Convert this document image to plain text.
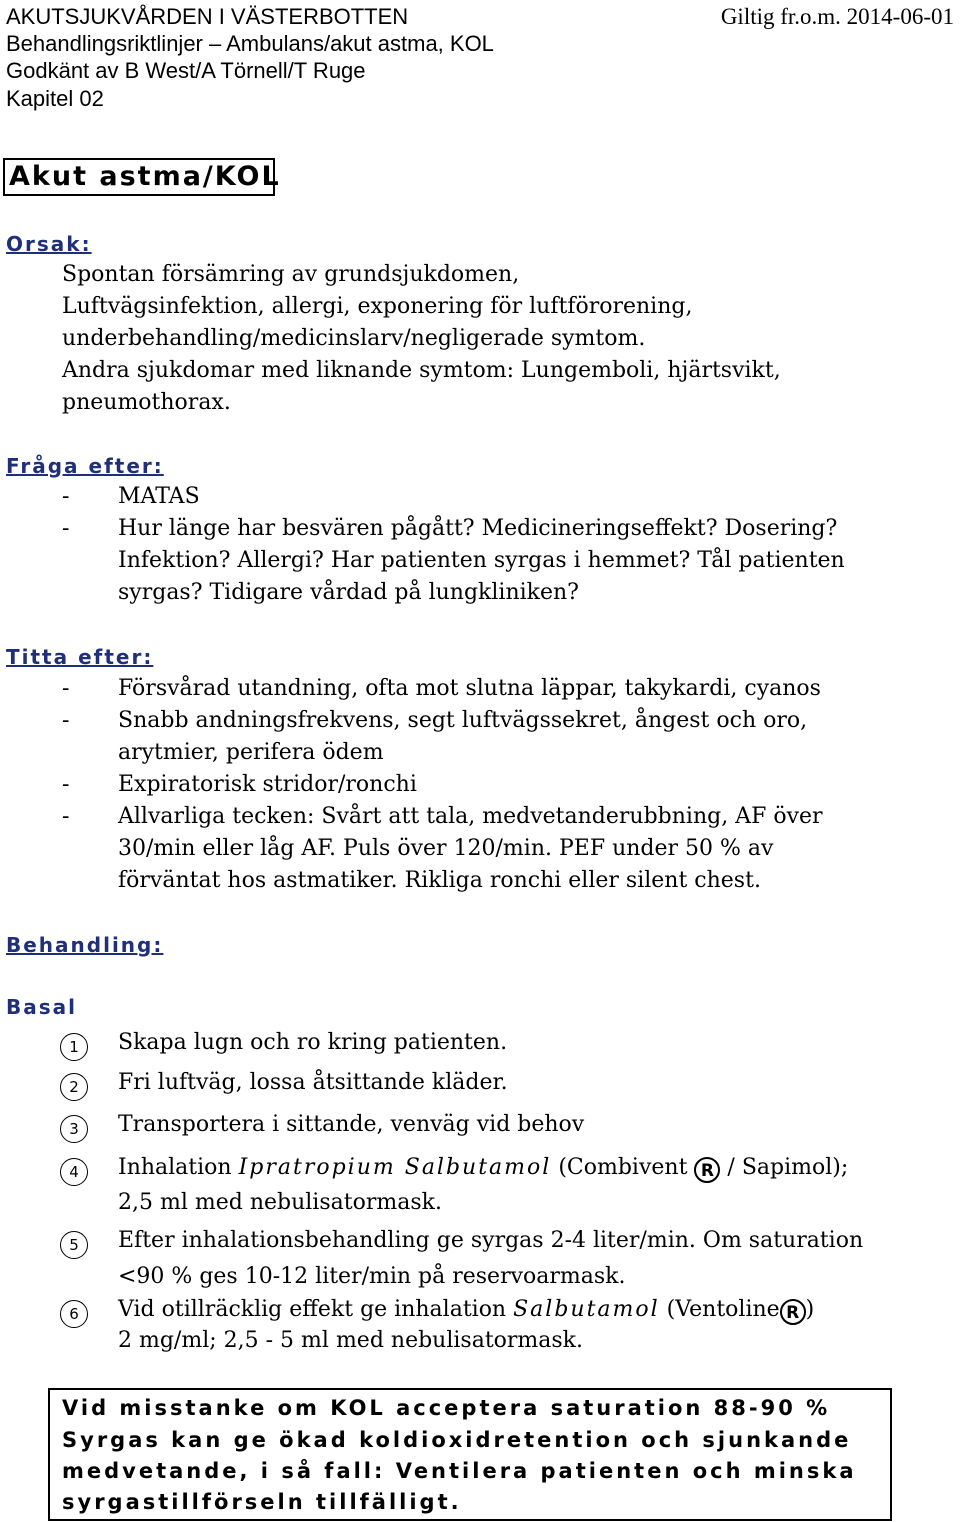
AKUTSJUKVÅRDEN I VÄSTERBOTTEN
Behandlingsriktlinjer – Ambulans/akut astma, KOL
Godkänt av B West/A Törnell/T Ruge
Kapitel 02
Giltig fr.o.m. 2014-06-01
Akut astma/KOL
Orsak:
Spontan försämring av grundsjukdomen,
Luftvägsinfektion, allergi, exponering för luftförorening,
underbehandling/medicinslarv/negligerade symtom.
Andra sjukdomar med liknande symtom: Lungemboli, hjärtsvikt,
pneumothorax.
Fråga efter:
- MATAS
- Hur länge har besvären pågått? Medicineringseffekt? Dosering?
Infektion? Allergi? Har patienten syrgas i hemmet? Tål patienten
syrgas? Tidigare vårdad på lungkliniken?
Titta efter:
- Försvårad utandning, ofta mot slutna läppar, takykardi, cyanos
- Snabb andningsfrekvens, segt luftvägssekret, ångest och oro,
arytmier, perifera ödem
- Expiratorisk stridor/ronchi
- Allvarliga tecken: Svårt att tala, medvetanderubbning, AF över
30/min eller låg AF. Puls över 120/min. PEF under 50 % av
förväntat hos astmatiker. Rikliga ronchi eller silent chest.
Behandling:
Basal
1	Skapa lugn och ro kring patienten.
2	Fri luftväg, lossa åtsittande kläder.
3	Transportera i sittande, venväg vid behov
4	Inhalation Ipratropium Salbutamol (Combivent R / Sapimol);
2,5 ml med nebulisatormask.
5	Efter inhalationsbehandling ge syrgas 2-4 liter/min. Om saturation
<90 % ges 10-12 liter/min på reservoarmask.
6	Vid otillräcklig effekt ge inhalation Salbutamol (Ventoline R )
2 mg/ml; 2,5 - 5 ml med nebulisatormask.
Vid misstanke om KOL acceptera saturation 88-90 %
Syrgas kan ge ökad koldioxidretention och sjunkande
medvetande, i så fall: Ventilera patienten och minska
syrgastillförseln tillfälligt.
